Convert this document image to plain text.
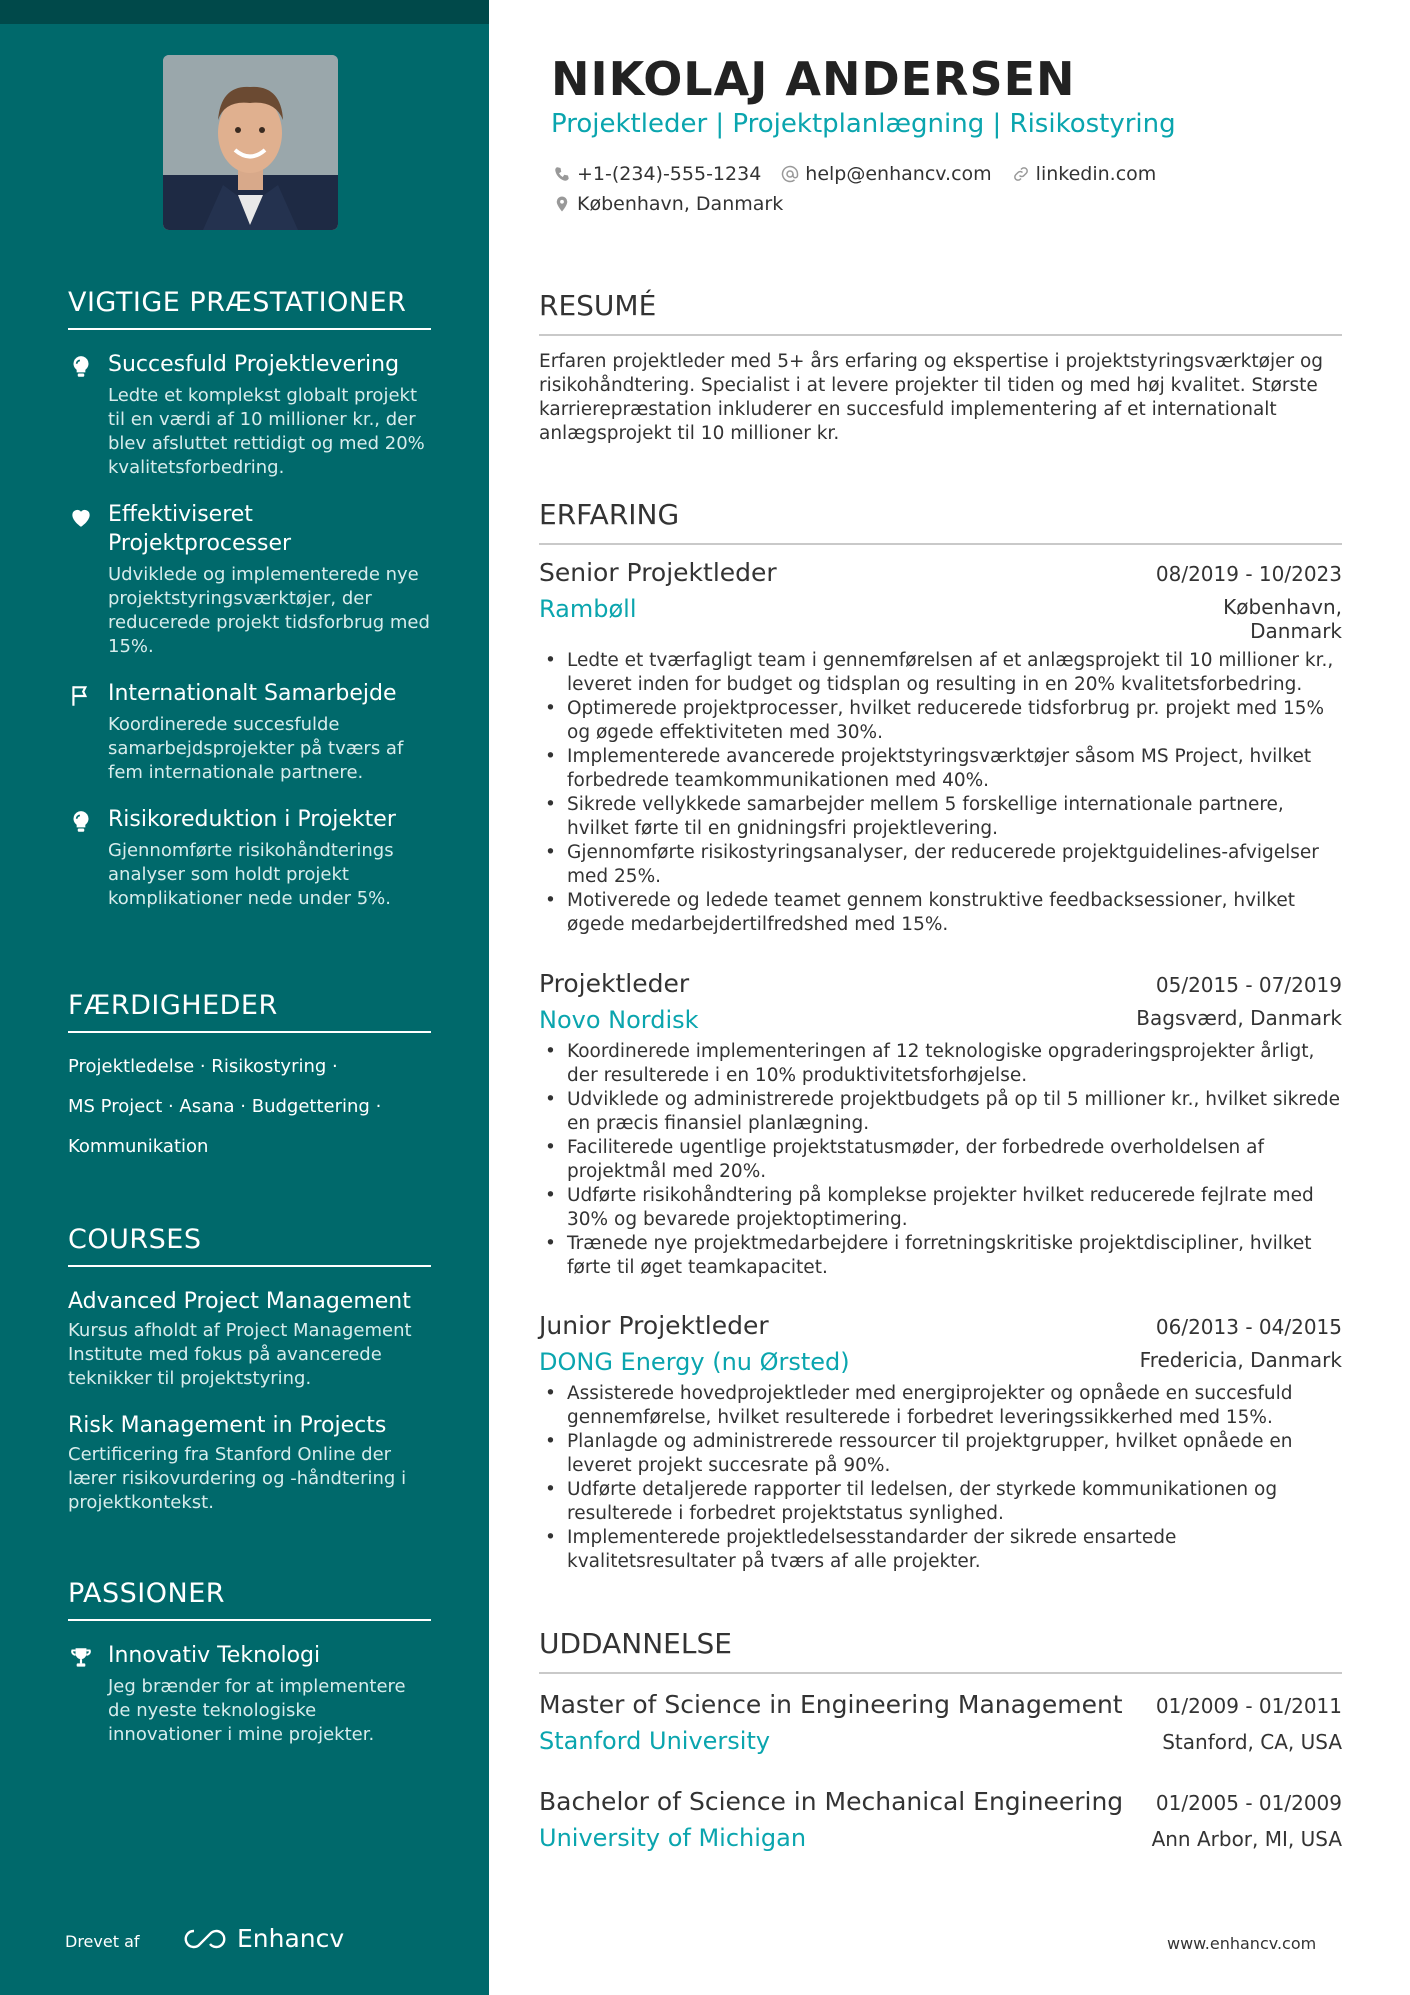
VIGTIGE PRÆSTATIONER
Succesfuld Projektlevering
Ledte et komplekst globalt projekt til en værdi af 10 millioner kr., der blev afsluttet rettidigt og med 20% kvalitetsforbedring.
Effektiviseret Projektprocesser
Udviklede og implementerede nye projektstyringsværktøjer, der reducerede projekt tidsforbrug med 15%.
Internationalt Samarbejde
Koordinerede succesfulde samarbejdsprojekter på tværs af fem internationale partnere.
Risikoreduktion i Projekter
Gjennomførte risikohåndterings analyser som holdt projekt komplikationer nede under 5%.
FÆRDIGHEDER
Projektledelse · Risikostyring ·
MS Project · Asana · Budgettering ·
Kommunikation
COURSES
Advanced Project Management
Kursus afholdt af Project Management Institute med fokus på avancerede teknikker til projektstyring.
Risk Management in Projects
Certificering fra Stanford Online der lærer risikovurdering og -håndtering i projektkontekst.
PASSIONER
Innovativ Teknologi
Jeg brænder for at implementere de nyeste teknologiske innovationer i mine projekter.
Drevet af	Enhancv
NIKOLAJ ANDERSEN
Projektleder | Projektplanlægning | Risikostyring
+1-(234)-555-1234 help@enhancv.com linkedin.com
København, Danmark
RESUMÉ

Erfaren projektleder med 5+ års erfaring og ekspertise i projektstyringsværktøjer og risikohåndtering. Specialist i at levere projekter til tiden og med høj kvalitet. Største karrierepræstation inkluderer en succesfuld implementering af et internationalt anlægsprojekt til 10 millioner kr.

ERFARING
Senior Projektleder	08/2019 - 10/2023
Rambøll	København,
Danmark
• Ledte et tværfagligt team i gennemførelsen af et anlægsprojekt til 10 millioner kr., leveret inden for budget og tidsplan og resulting in en 20% kvalitetsforbedring.
• Optimerede projektprocesser, hvilket reducerede tidsforbrug pr. projekt med 15% og øgede effektiviteten med 30%.
• Implementerede avancerede projektstyringsværktøjer såsom MS Project, hvilket forbedrede teamkommunikationen med 40%.
• Sikrede vellykkede samarbejder mellem 5 forskellige internationale partnere, hvilket førte til en gnidningsfri projektlevering.
• Gjennomførte risikostyringsanalyser, der reducerede projektguidelines-afvigelser med 25%.
• Motiverede og ledede teamet gennem konstruktive feedbacksessioner, hvilket øgede medarbejdertilfredshed med 15%.
Projektleder	05/2015 - 07/2019
Novo Nordisk	Bagsværd, Danmark
• Koordinerede implementeringen af 12 teknologiske opgraderingsprojekter årligt, der resulterede i en 10% produktivitetsforhøjelse.
• Udviklede og administrerede projektbudgets på op til 5 millioner kr., hvilket sikrede en præcis finansiel planlægning.
• Faciliterede ugentlige projektstatusmøder, der forbedrede overholdelsen af projektmål med 20%.
• Udførte risikohåndtering på komplekse projekter hvilket reducerede fejlrate med 30% og bevarede projektoptimering.
• Trænede nye projektmedarbejdere i forretningskritiske projektdiscipliner, hvilket førte til øget teamkapacitet.
Junior Projektleder	06/2013 - 04/2015
DONG Energy (nu Ørsted)	Fredericia, Danmark
• Assisterede hovedprojektleder med energiprojekter og opnåede en succesfuld gennemførelse, hvilket resulterede i forbedret leveringssikkerhed med 15%.
• Planlagde og administrerede ressourcer til projektgrupper, hvilket opnåede en leveret projekt succesrate på 90%.
• Udførte detaljerede rapporter til ledelsen, der styrkede kommunikationen og resulterede i forbedret projektstatus synlighed.
• Implementerede projektledelsesstandarder der sikrede ensartede kvalitetsresultater på tværs af alle projekter.
UDDANNELSE
Master of Science in Engineering Management 01/2009 - 01/2011
Stanford University	Stanford, CA, USA
Bachelor of Science in Mechanical Engineering 01/2005 - 01/2009
University of Michigan	Ann Arbor, MI, USA
www.enhancv.com
